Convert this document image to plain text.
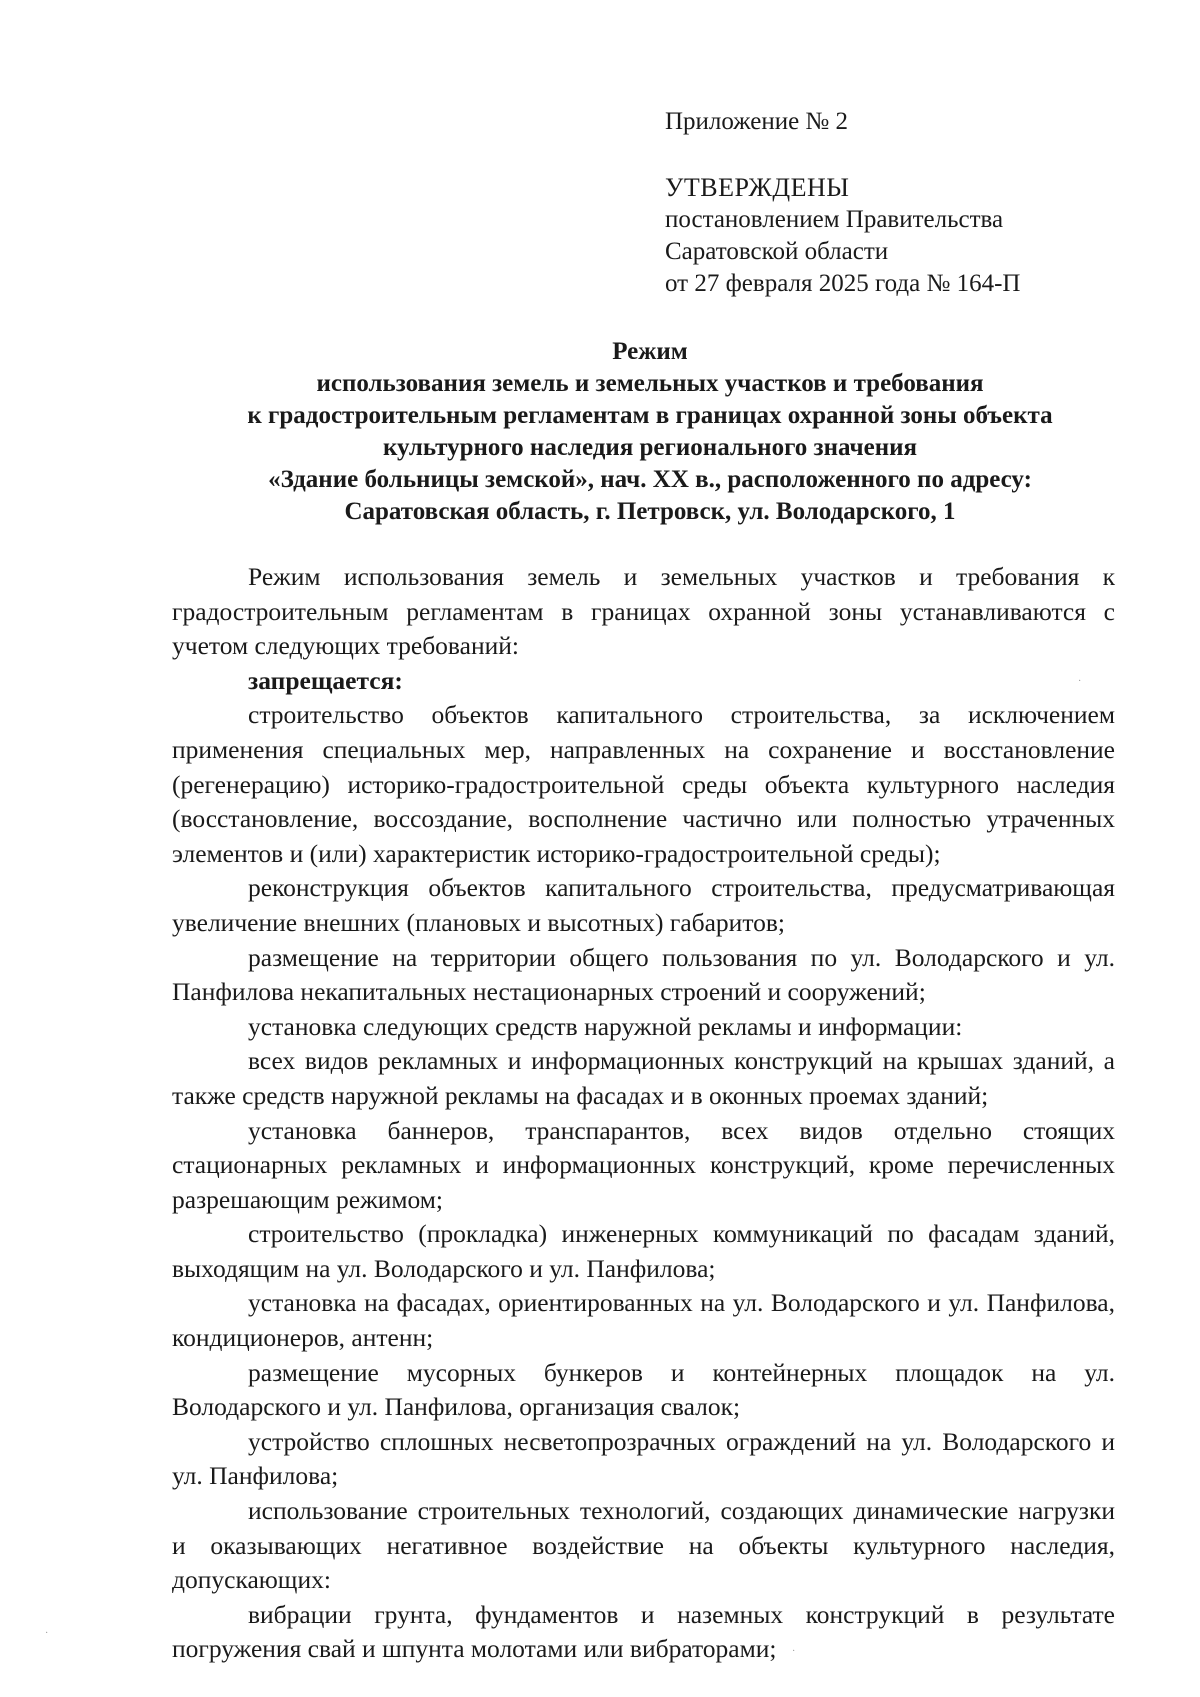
Приложение № 2
УТВЕРЖДЕНЫ
постановлением Правительства
Саратовской области
от 27 февраля 2025 года № 164-П
Режим
использования земель и земельных участков и требования
к градостроительным регламентам в границах охранной зоны объекта
культурного наследия регионального значения
«Здание больницы земской», нач. XX в., расположенного по адресу:
Саратовская область, г. Петровск, ул. Володарского, 1

Режим использования земель и земельных участков и требования к градостроительным регламентам в границах охранной зоны устанавливаются с учетом следующих требований:

запрещается:

строительство объектов капитального строительства, за исключением применения специальных мер, направленных на сохранение и восстановление (регенерацию) историко-градостроительной среды объекта культурного наследия (восстановление, воссоздание, восполнение частично или полностью утраченных элементов и (или) характеристик историко-градостроительной среды);

реконструкция объектов капитального строительства, предусматривающая увеличение внешних (плановых и высотных) габаритов;

размещение на территории общего пользования по ул. Володарского и ул. Панфилова некапитальных нестационарных строений и сооружений;

установка следующих средств наружной рекламы и информации:

всех видов рекламных и информационных конструкций на крышах зданий, а также средств наружной рекламы на фасадах и в оконных проемах зданий;

установка баннеров, транспарантов, всех видов отдельно стоящих стационарных рекламных и информационных конструкций, кроме перечисленных разрешающим режимом;

строительство (прокладка) инженерных коммуникаций по фасадам зданий, выходящим на ул. Володарского и ул. Панфилова;

установка на фасадах, ориентированных на ул. Володарского и ул. Панфилова, кондиционеров, антенн;

размещение мусорных бункеров и контейнерных площадок на ул. Володарского и ул. Панфилова, организация свалок;

устройство сплошных несветопрозрачных ограждений на ул. Володарского и ул. Панфилова;

использование строительных технологий, создающих динамические нагрузки и оказывающих негативное воздействие на объекты культурного наследия, допускающих:

вибрации грунта, фундаментов и наземных конструкций в результате погружения свай и шпунта молотами или вибраторами;

·
·
·
